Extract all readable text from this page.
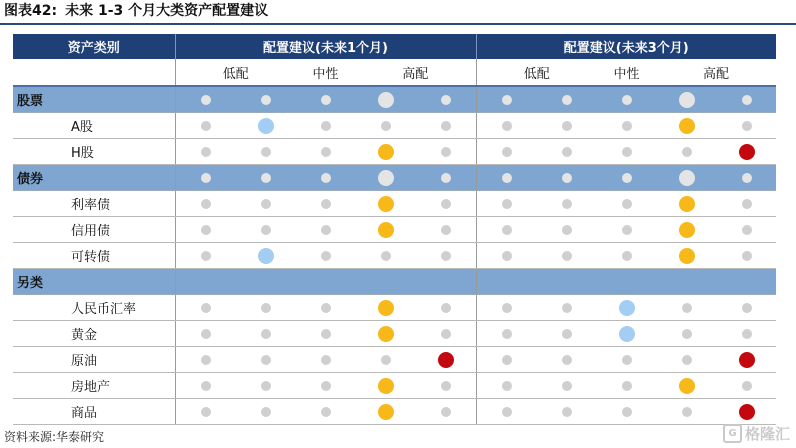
图表42: 未来 1-3 个月大类资产配置建议
资产类别	配置建议(未来1个月)					配置建议(未来3个月)				
	低配		中性	高配		低配		中性	高配	
股票										
A股										
H股										
债券										
利率债										
信用债										
可转债										
另类										
人民币汇率										
黄金										
原油										
房地产										
商品										
资料来源:华泰研究	G 格隆汇
